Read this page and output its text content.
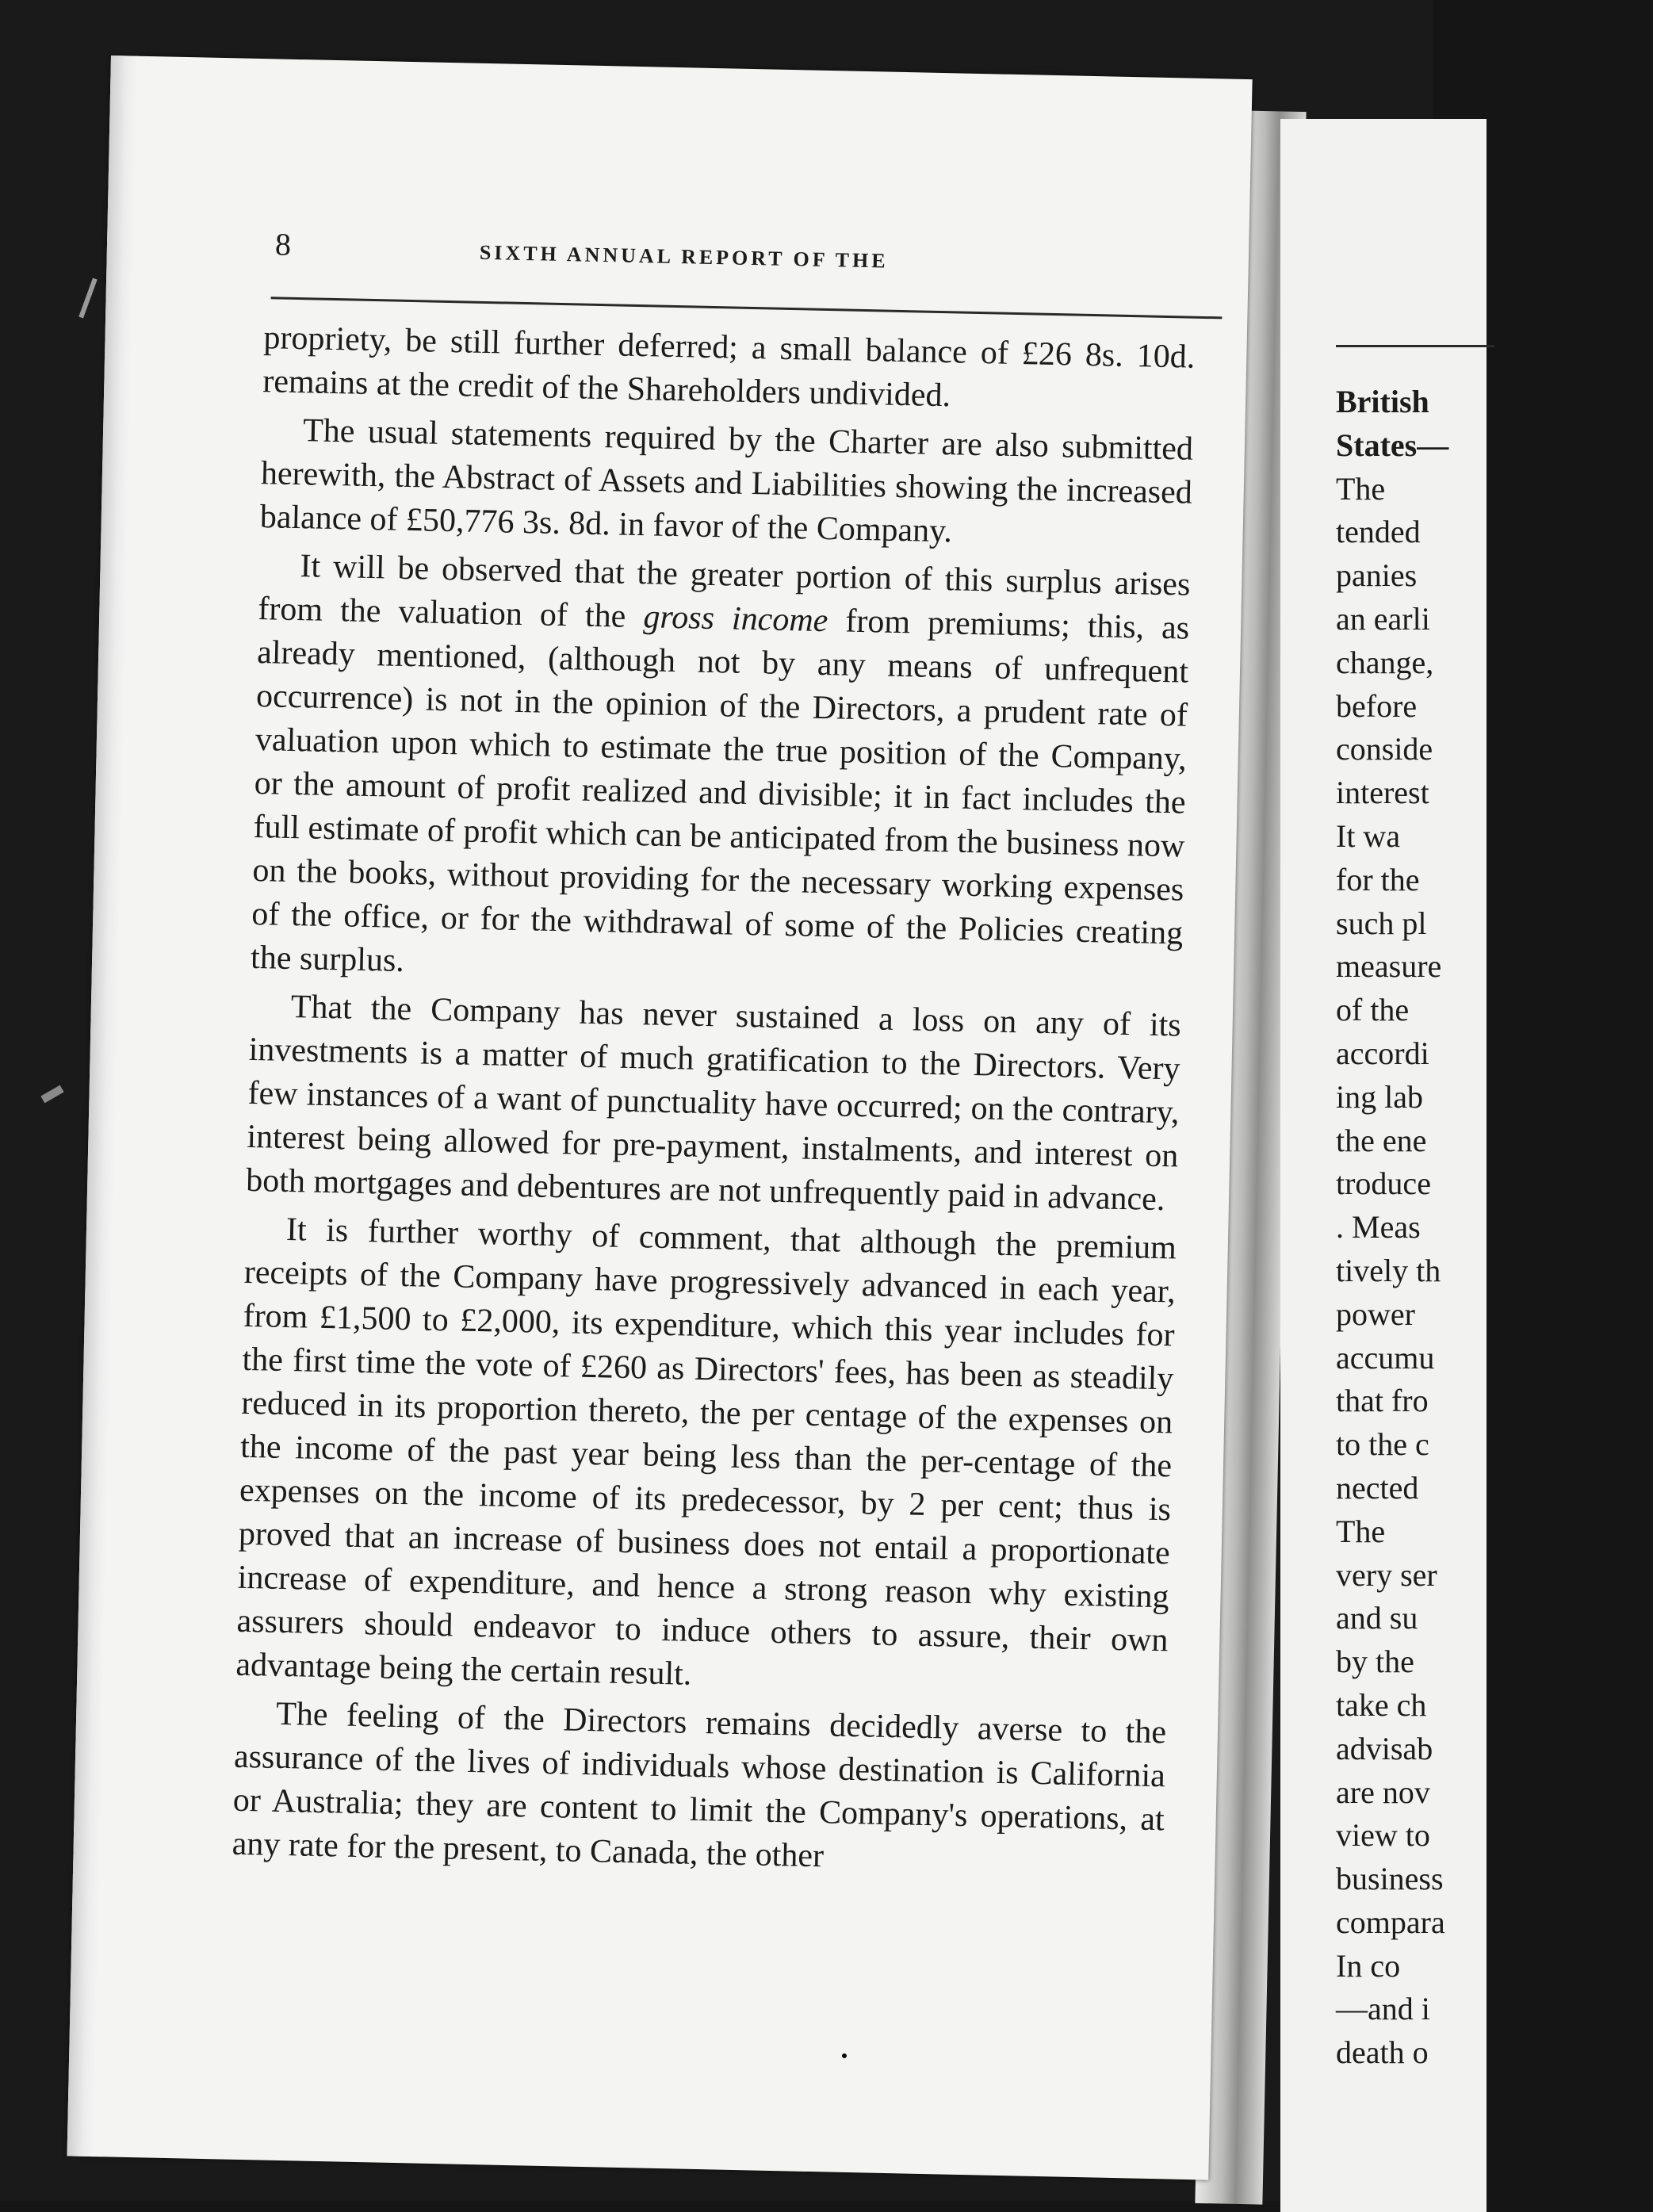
British
States—
The
tended
panies
an earli
change,
before
conside
interest
It wa
for the
such pl
measure
of the
accordi
ing lab
the ene
troduce
. Meas
tively th
power
accumu
that fro
to the c
nected
The
very ser
and su
by the
take ch
advisab
are nov
view to
business
compara
In co
—and i
death o
8	SIXTH ANNUAL REPORT OF THE

propriety, be still further deferred; a small balance of £26 8s. 10d. remains at the credit of the Shareholders undivided.

The usual statements required by the Charter are also submitted herewith, the Abstract of Assets and Liabilities showing the increased balance of £50,776 3s. 8d. in favor of the Company.

It will be observed that the greater portion of this surplus arises from the valuation of the gross income from premiums; this, as already mentioned, (although not by any means of unfrequent occurrence) is not in the opinion of the Directors, a prudent rate of valuation upon which to estimate the true position of the Company, or the amount of profit realized and divisible; it in fact includes the full estimate of profit which can be anticipated from the business now on the books, without providing for the necessary working expenses of the office, or for the withdrawal of some of the Policies creating the surplus.

That the Company has never sustained a loss on any of its investments is a matter of much gratification to the Directors. Very few instances of a want of punctuality have occurred; on the contrary, interest being allowed for pre-payment, instalments, and interest on both mortgages and debentures are not unfrequently paid in advance.

It is further worthy of comment, that although the premium receipts of the Company have progressively advanced in each year, from £1,500 to £2,000, its expenditure, which this year includes for the first time the vote of £260 as Directors' fees, has been as steadily reduced in its proportion thereto, the per centage of the expenses on the income of the past year being less than the per-centage of the expenses on the income of its predecessor, by 2 per cent; thus is proved that an increase of business does not entail a proportionate increase of expenditure, and hence a strong reason why existing assurers should endeavor to induce others to assure, their own advantage being the certain result.

The feeling of the Directors remains decidedly averse to the assurance of the lives of individuals whose destination is California or Australia; they are content to limit the Company's operations, at any rate for the present, to Canada, the other
